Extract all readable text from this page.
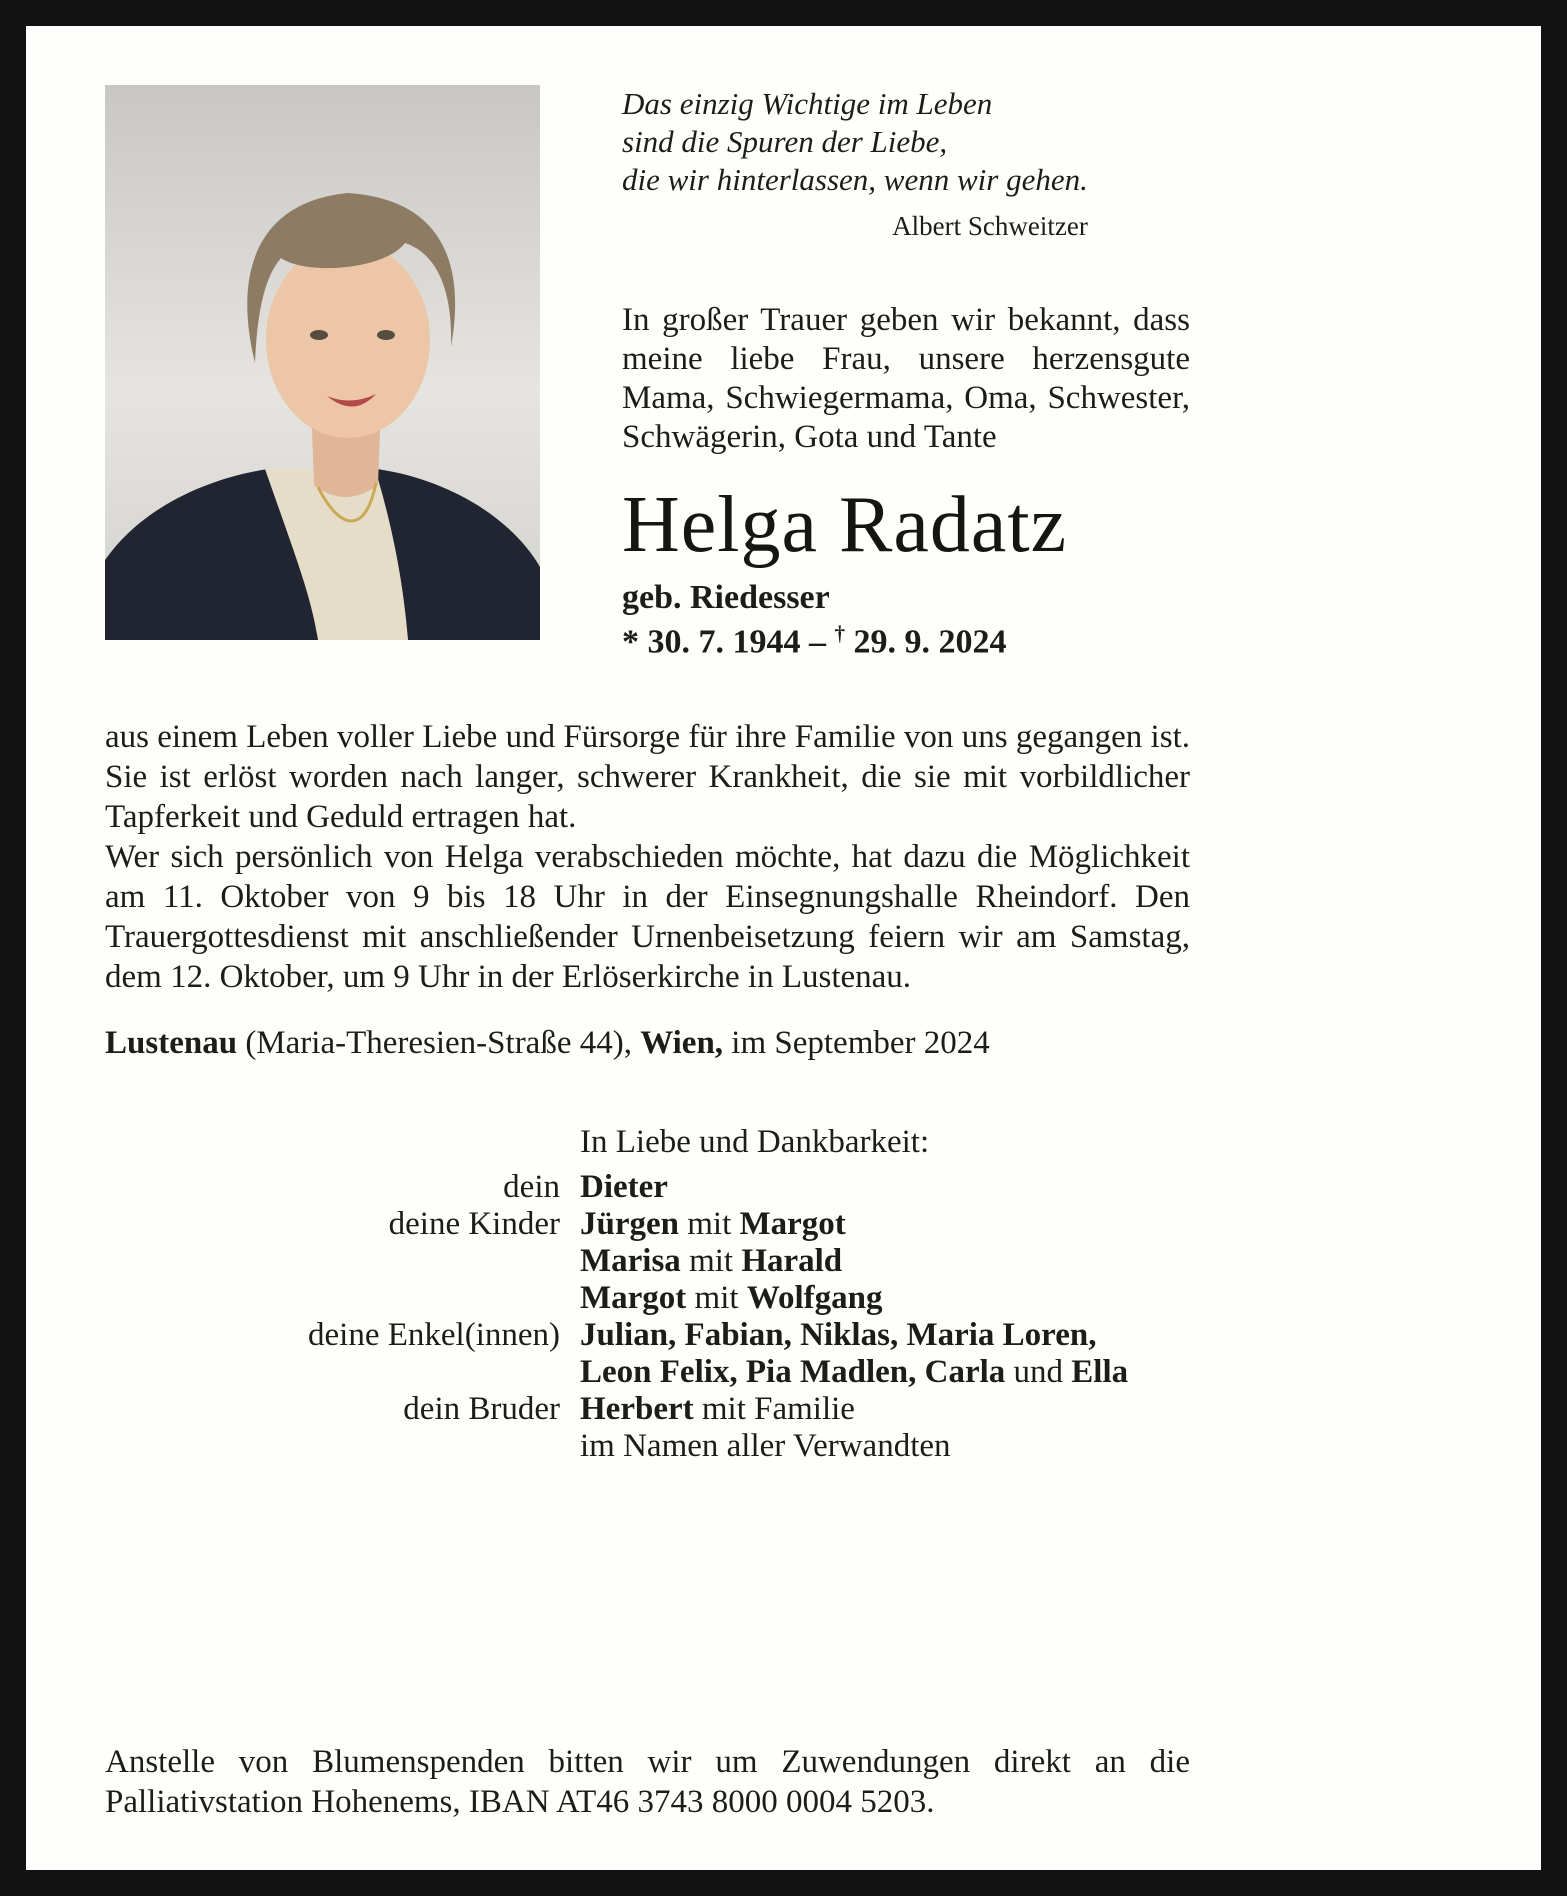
Das einzig Wichtige im Leben
sind die Spuren der Liebe,
die wir hinterlassen, wenn wir gehen.
Albert Schweitzer

In großer Trauer geben wir bekannt, dass meine liebe Frau, unsere herzensgute Mama, Schwiegermama, Oma, Schwester, Schwägerin, Gota und Tante

Helga Radatz
geb. Riedesser
* 30. 7. 1944 – † 29. 9. 2024

aus einem Leben voller Liebe und Fürsorge für ihre Familie von uns gegangen ist. Sie ist erlöst worden nach langer, schwerer Krankheit, die sie mit vorbildlicher Tapferkeit und Geduld ertragen hat.

Wer sich persönlich von Helga verabschieden möchte, hat dazu die Möglichkeit am 11. Oktober von 9 bis 18 Uhr in der Einsegnungshalle Rheindorf. Den Trauergottesdienst mit anschließender Urnenbeisetzung feiern wir am Samstag, dem 12. Oktober, um 9 Uhr in der Erlöserkirche in Lustenau.

Lustenau (Maria-Theresien-Straße 44), Wien, im September 2024

In Liebe und Dankbarkeit:
dein Dieter
deine Kinder Jürgen mit Margot
Marisa mit Harald
Margot mit Wolfgang
deine Enkel(innen) Julian, Fabian, Niklas, Maria Loren,
Leon Felix, Pia Madlen, Carla und Ella
dein Bruder Herbert mit Familie
im Namen aller Verwandten

Anstelle von Blumenspenden bitten wir um Zuwendungen direkt an die Palliativstation Hohenems, IBAN AT46 3743 8000 0004 5203.
